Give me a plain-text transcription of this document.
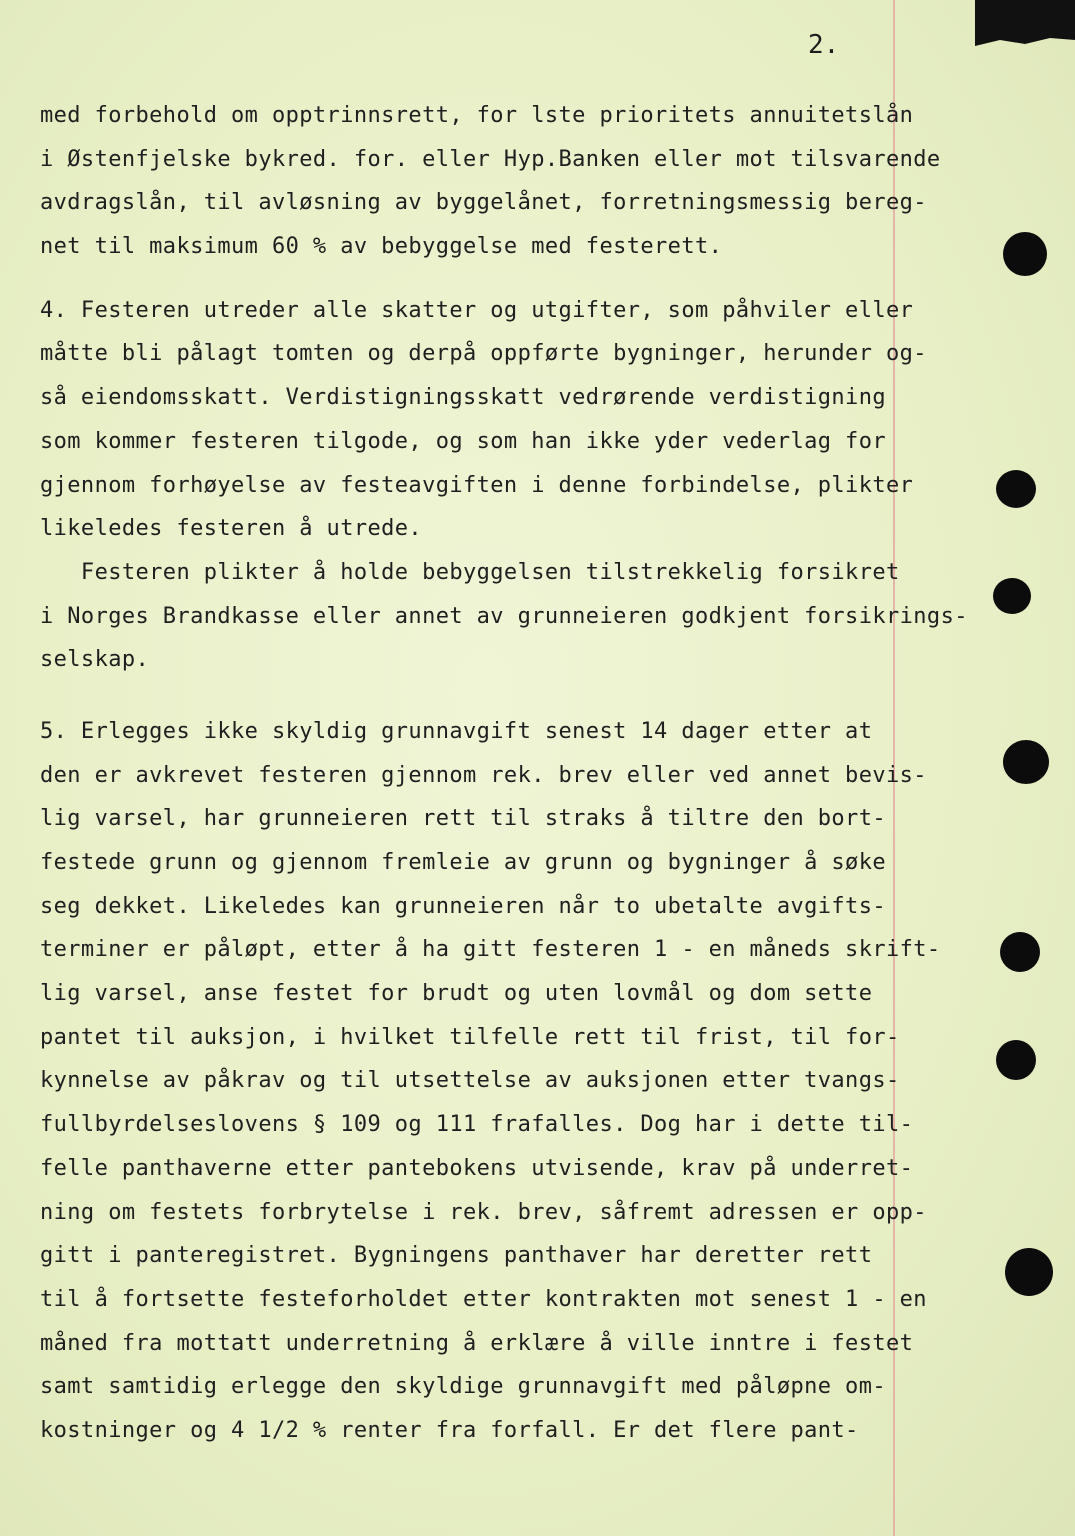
2.
med forbehold om opptrinnsrett, for lste prioritets annuitetslån
i Østenfjelske bykred. for. eller Hyp.Banken eller mot tilsvarende
avdragslån, til avløsning av byggelånet, forretningsmessig bereg-
net til maksimum 60 % av bebyggelse med festerett.
4. Festeren utreder alle skatter og utgifter, som påhviler eller
måtte bli pålagt tomten og derpå oppførte bygninger, herunder og-
så eiendomsskatt. Verdistigningsskatt vedrørende verdistigning
som kommer festeren tilgode, og som han ikke yder vederlag for
gjennom forhøyelse av festeavgiften i denne forbindelse, plikter
likeledes festeren å utrede.
Festeren plikter å holde bebyggelsen tilstrekkelig forsikret
i Norges Brandkasse eller annet av grunneieren godkjent forsikrings-
selskap.
5. Erlegges ikke skyldig grunnavgift senest 14 dager etter at
den er avkrevet festeren gjennom rek. brev eller ved annet bevis-
lig varsel, har grunneieren rett til straks å tiltre den bort-
festede grunn og gjennom fremleie av grunn og bygninger å søke
seg dekket. Likeledes kan grunneieren når to ubetalte avgifts-
terminer er påløpt, etter å ha gitt festeren 1 - en måneds skrift-
lig varsel, anse festet for brudt og uten lovmål og dom sette
pantet til auksjon, i hvilket tilfelle rett til frist, til for-
kynnelse av påkrav og til utsettelse av auksjonen etter tvangs-
fullbyrdelseslovens § 109 og 111 frafalles. Dog har i dette til-
felle panthaverne etter pantebokens utvisende, krav på underret-
ning om festets forbrytelse i rek. brev, såfremt adressen er opp-
gitt i panteregistret. Bygningens panthaver har deretter rett
til å fortsette festeforholdet etter kontrakten mot senest 1 - en
måned fra mottatt underretning å erklære å ville inntre i festet
samt samtidig erlegge den skyldige grunnavgift med påløpne om-
kostninger og 4 1/2 % renter fra forfall. Er det flere pant-
